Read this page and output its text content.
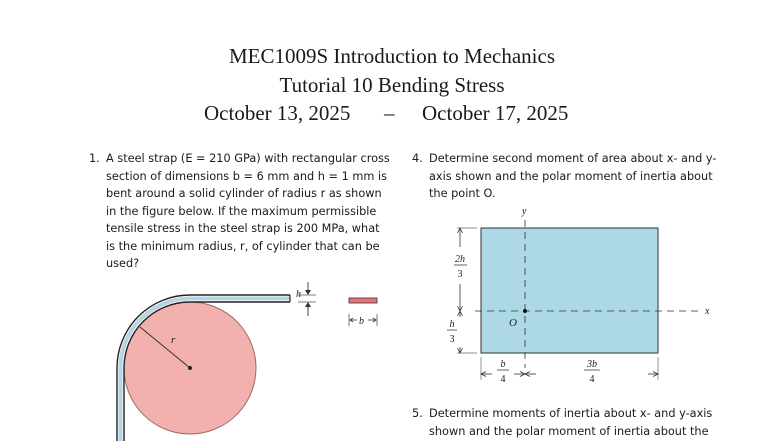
MEC1009S Introduction to Mechanics
Tutorial 10 Bending Stress
October 13, 2025 – October 17, 2025
1. A steel strap (E = 210 GPa) with rectangular cross
section of dimensions b = 6 mm and h = 1 mm is
bent around a solid cylinder of radius r as shown
in the figure below. If the maximum permissible
tensile stress in the steel strap is 200 MPa, what
is the minimum radius, r, of cylinder that can be
used?
r
h
b
4. Determine second moment of area about x- and y-
axis shown and the polar moment of inertia about
the point O.
y
x
O
2h
3
h
3
b
4
3b
4
5. Determine moments of inertia about x- and y-axis
shown and the polar moment of inertia about the
